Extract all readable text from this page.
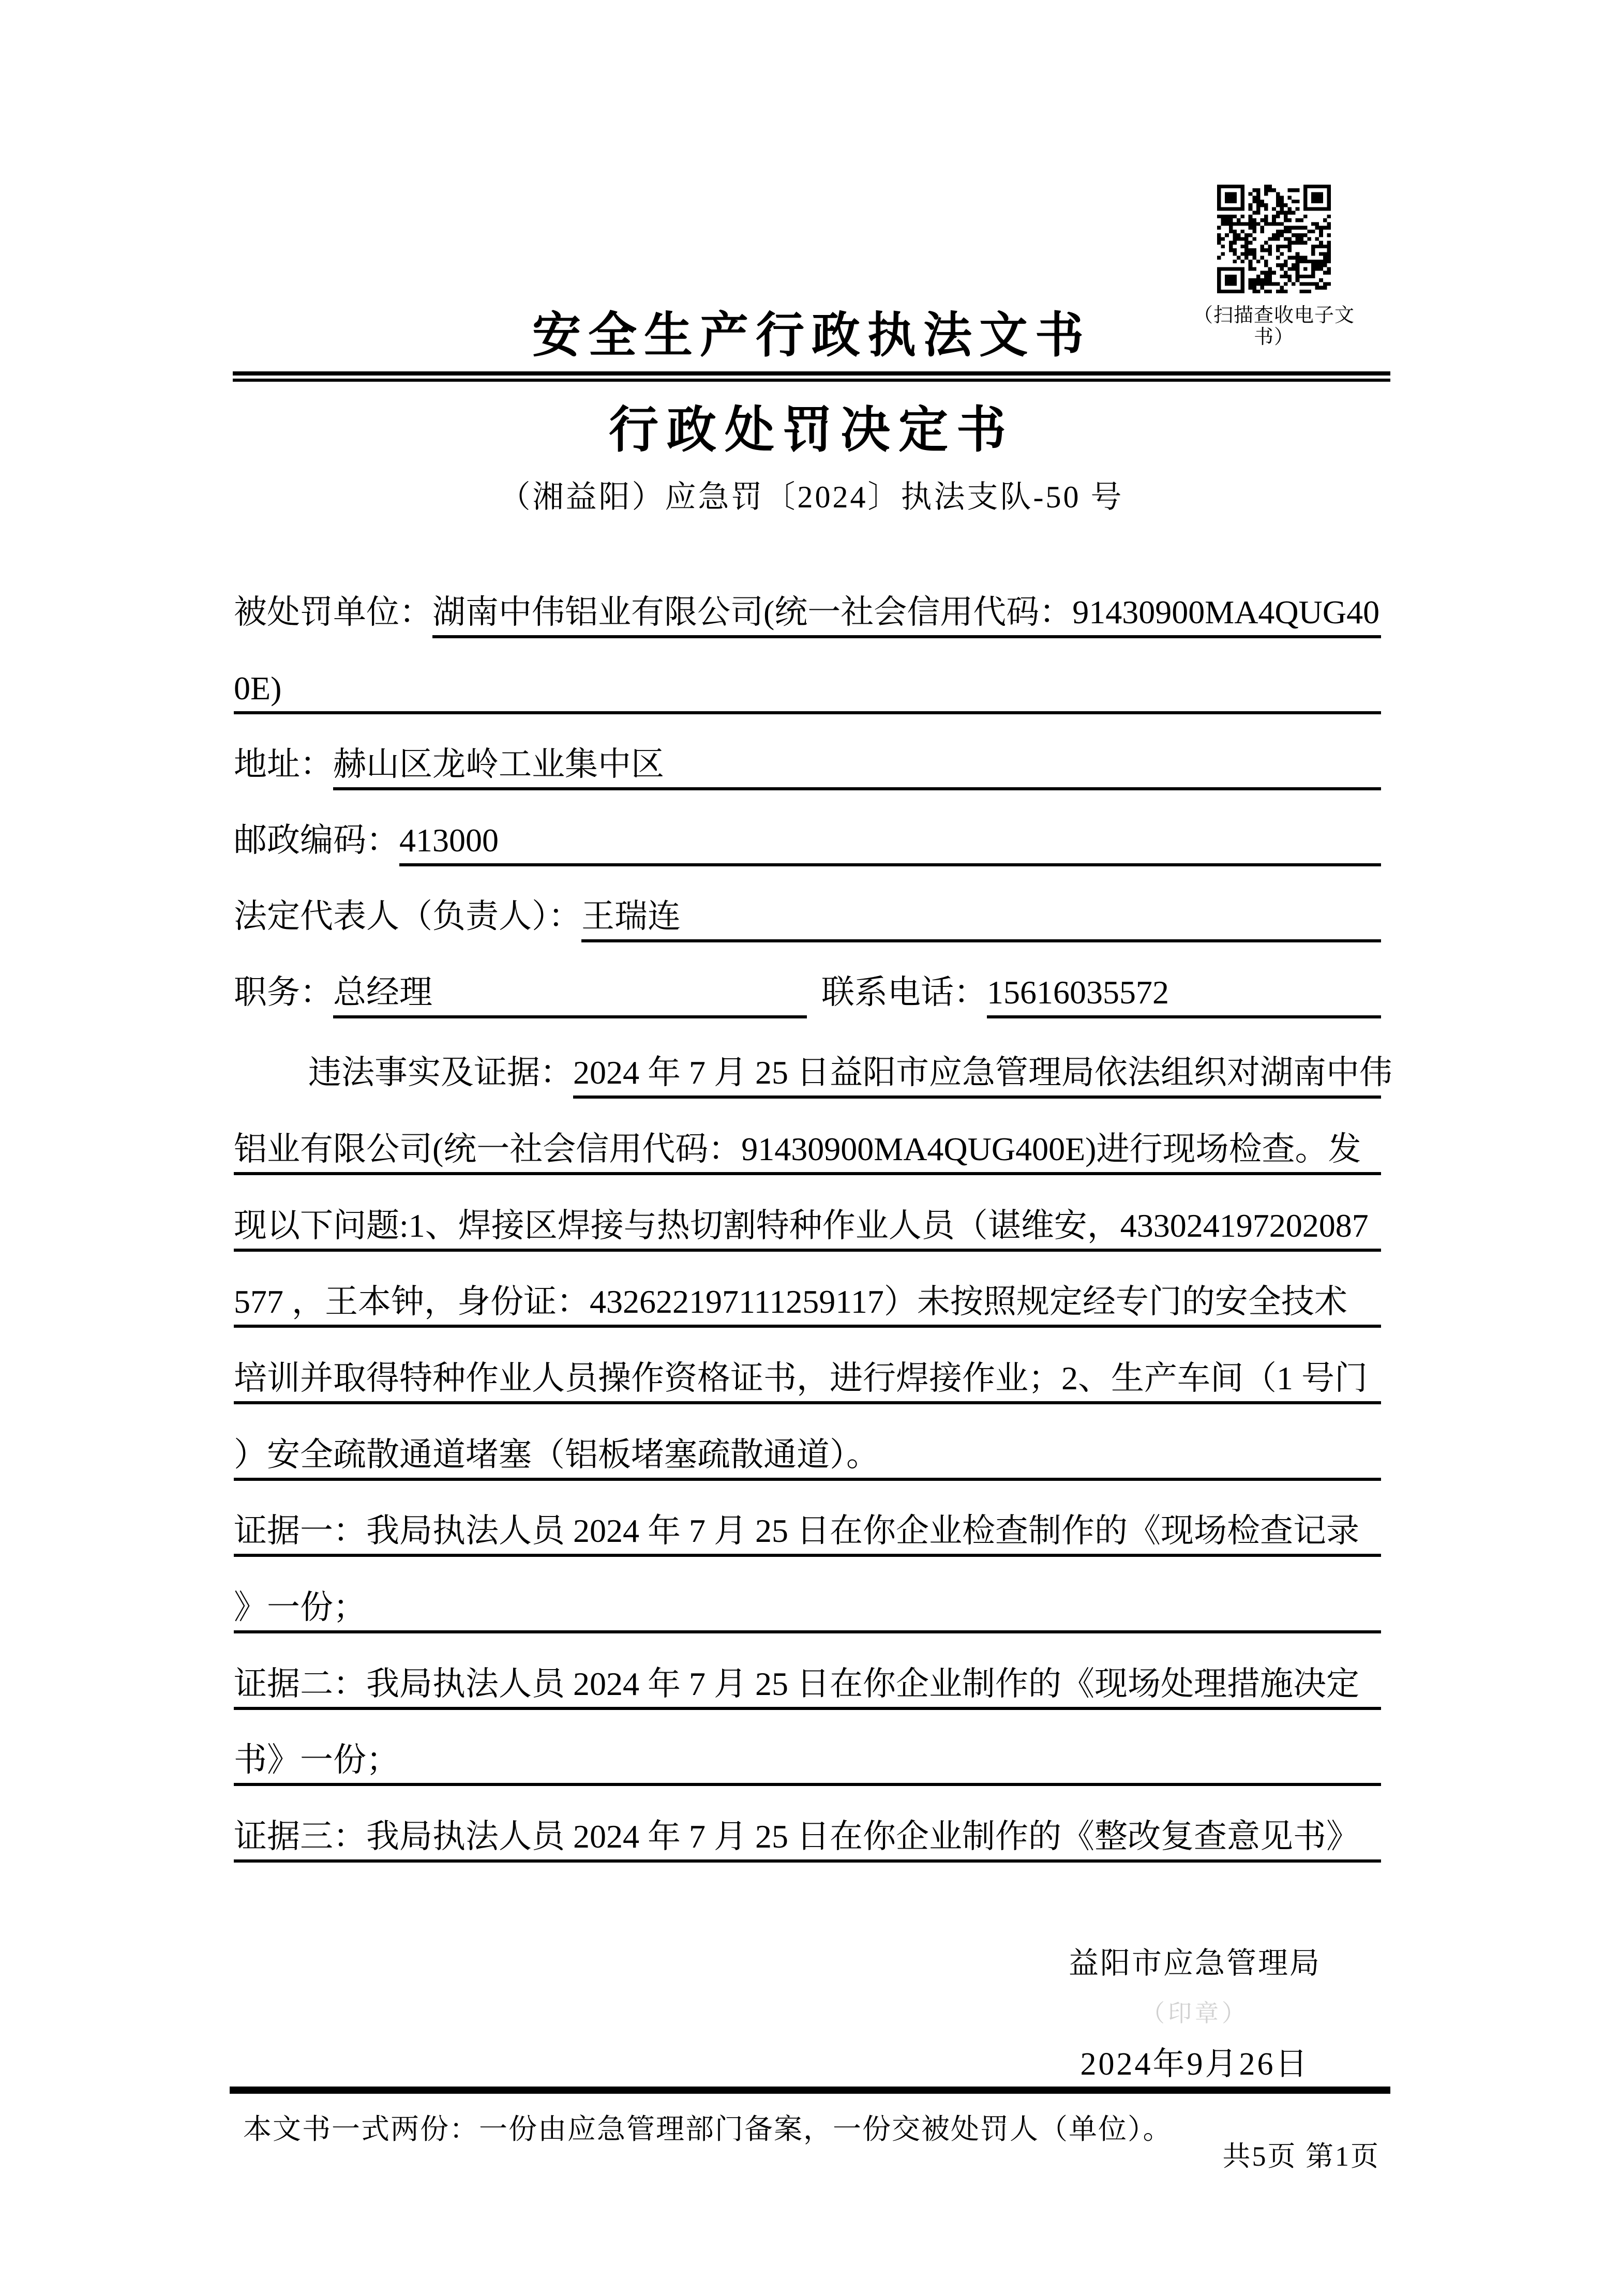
（扫描查收电子文书）
安全生产行政执法文书
行政处罚决定书
（湘益阳）应急罚〔2024〕执法支队-50 号
被处罚单位： 湖南中伟铝业有限公司(统一社会信用代码：91430900MA4QUG40
0E)
地址： 赫山区龙岭工业集中区
邮政编码： 413000
法定代表人（负责人）： 王瑞连
职务： 总经理	联系电话： 15616035572
违法事实及证据： 2024 年 7 月 25 日益阳市应急管理局依法组织对湖南中伟
铝业有限公司(统一社会信用代码：91430900MA4QUG400E)进行现场检查。发
现以下问题:1、焊接区焊接与热切割特种作业人员（谌维安，433024197202087
577 ，王本钟，身份证：432622197111259117）未按照规定经专门的安全技术
培训并取得特种作业人员操作资格证书，进行焊接作业；2、生产车间（1 号门
）安全疏散通道堵塞（铝板堵塞疏散通道）。
证据一：我局执法人员 2024 年 7 月 25 日在你企业检查制作的《现场检查记录
》一份；
证据二：我局执法人员 2024 年 7 月 25 日在你企业制作的《现场处理措施决定
书》一份；
证据三：我局执法人员 2024 年 7 月 25 日在你企业制作的《整改复查意见书》
益阳市应急管理局
（印章）
2024年9月26日
本文书一式两份：一份由应急管理部门备案，一份交被处罚人（单位）。
共5页 第1页
